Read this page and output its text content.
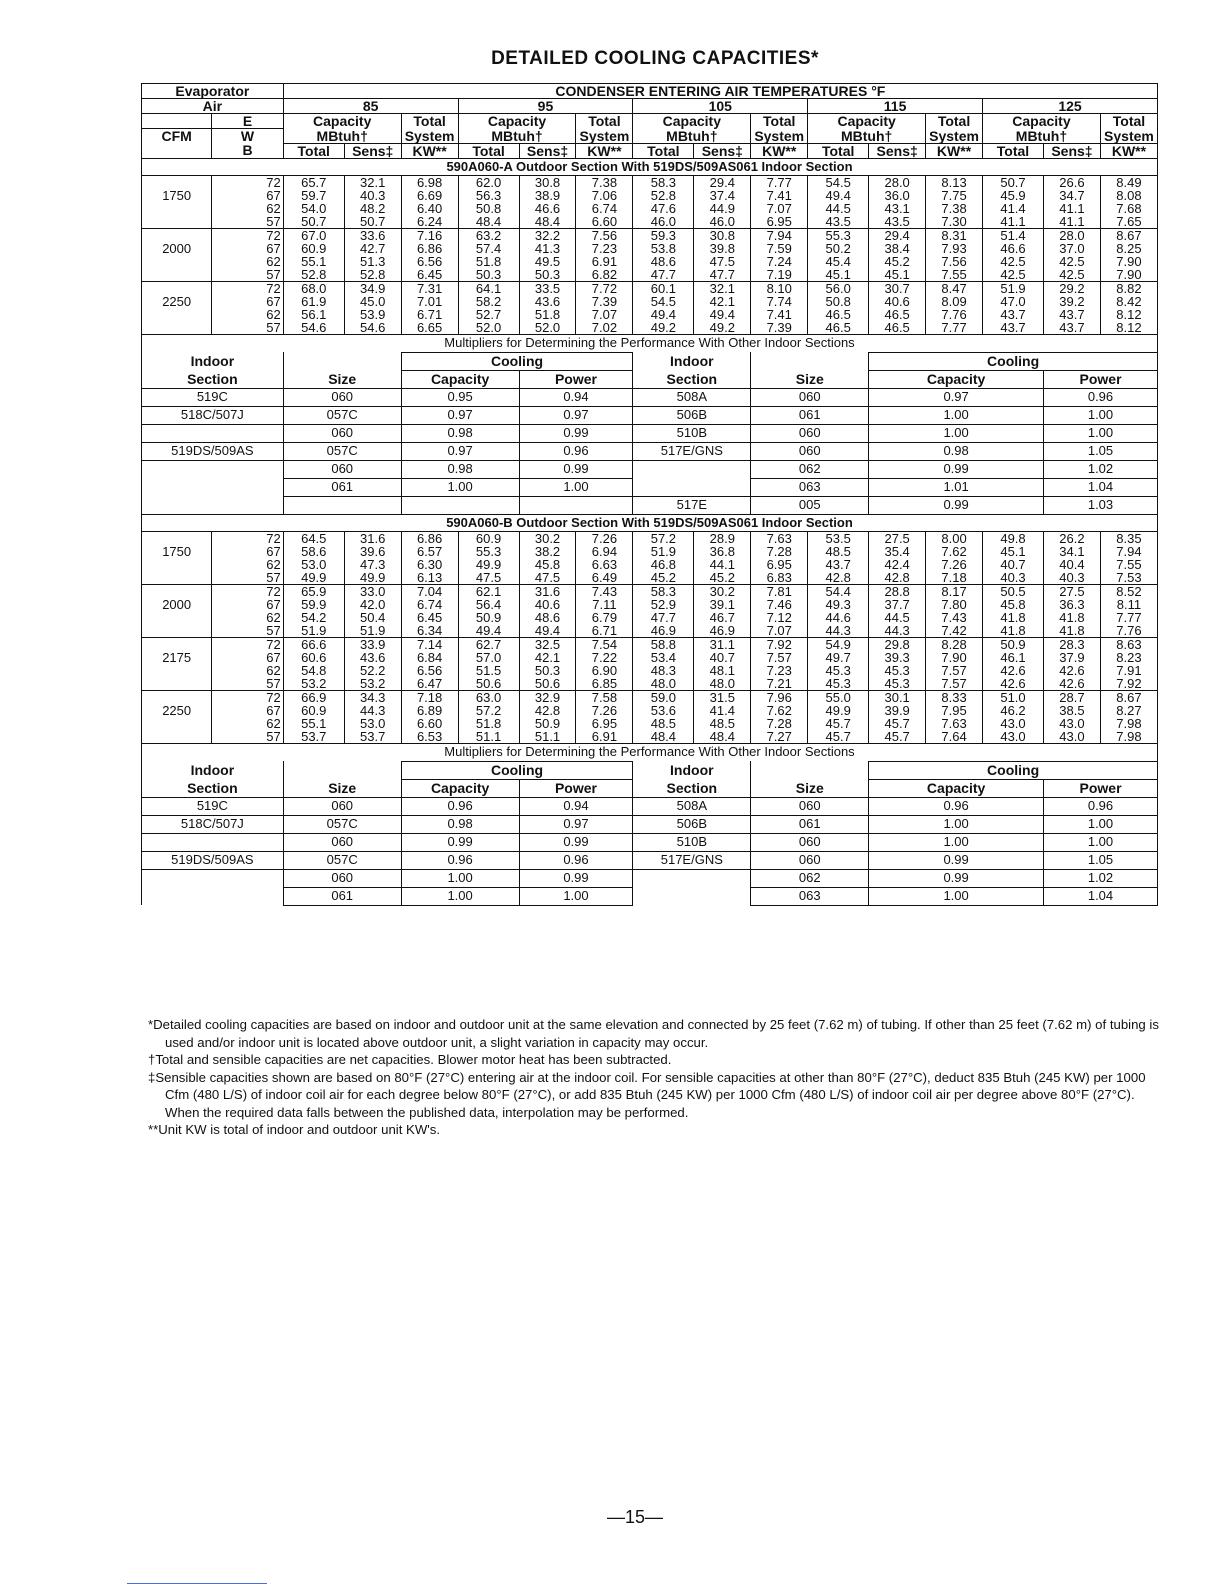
DETAILED COOLING CAPACITIES*
Evaporator		CONDENSER ENTERING AIR TEMPERATURES °F														
Air		85			95			105			115			125		
	E	Capacity		Total	Capacity		Total	Capacity		Total	Capacity		Total	Capacity		Total
CFM	W	MBtuh†		System	MBtuh†		System	MBtuh†		System	MBtuh†		System	MBtuh†		System
	B	Total	Sens‡	KW**	Total	Sens‡	KW**	Total	Sens‡	KW**	Total	Sens‡	KW**	Total	Sens‡	KW**
590A060-A Outdoor Section With 519DS/509AS061 Indoor Section																
	72	65.7	32.1	6.98	62.0	30.8	7.38	58.3	29.4	7.77	54.5	28.0	8.13	50.7	26.6	8.49
1750	67	59.7	40.3	6.69	56.3	38.9	7.06	52.8	37.4	7.41	49.4	36.0	7.75	45.9	34.7	8.08
	62	54.0	48.2	6.40	50.8	46.6	6.74	47.6	44.9	7.07	44.5	43.1	7.38	41.4	41.1	7.68
	57	50.7	50.7	6.24	48.4	48.4	6.60	46.0	46.0	6.95	43.5	43.5	7.30	41.1	41.1	7.65
	72	67.0	33.6	7.16	63.2	32.2	7.56	59.3	30.8	7.94	55.3	29.4	8.31	51.4	28.0	8.67
2000	67	60.9	42.7	6.86	57.4	41.3	7.23	53.8	39.8	7.59	50.2	38.4	7.93	46.6	37.0	8.25
	62	55.1	51.3	6.56	51.8	49.5	6.91	48.6	47.5	7.24	45.4	45.2	7.56	42.5	42.5	7.90
	57	52.8	52.8	6.45	50.3	50.3	6.82	47.7	47.7	7.19	45.1	45.1	7.55	42.5	42.5	7.90
	72	68.0	34.9	7.31	64.1	33.5	7.72	60.1	32.1	8.10	56.0	30.7	8.47	51.9	29.2	8.82
2250	67	61.9	45.0	7.01	58.2	43.6	7.39	54.5	42.1	7.74	50.8	40.6	8.09	47.0	39.2	8.42
	62	56.1	53.9	6.71	52.7	51.8	7.07	49.4	49.4	7.41	46.5	46.5	7.76	43.7	43.7	8.12
	57	54.6	54.6	6.65	52.0	52.0	7.02	49.2	49.2	7.39	46.5	46.5	7.77	43.7	43.7	8.12
Multipliers for Determining the Performance With Other Indoor Sections																
Indoor				Cooling				Indoor				Cooling				
Section		Size		Capacity		Power		Section		Size		Capacity			Power	
519C		060		0.95		0.94		508A		060		0.97			0.96	
518C/507J		057C		0.97		0.97		506B		061		1.00			1.00	
		060		0.98		0.99		510B		060		1.00			1.00	
519DS/509AS		057C		0.97		0.96		517E/GNS		060		0.98			1.05	
		060		0.98		0.99				062		0.99			1.02	
		061		1.00		1.00				063		1.01			1.04	
								517E		005		0.99			1.03	
590A060-B Outdoor Section With 519DS/509AS061 Indoor Section																
	72	64.5	31.6	6.86	60.9	30.2	7.26	57.2	28.9	7.63	53.5	27.5	8.00	49.8	26.2	8.35
1750	67	58.6	39.6	6.57	55.3	38.2	6.94	51.9	36.8	7.28	48.5	35.4	7.62	45.1	34.1	7.94
	62	53.0	47.3	6.30	49.9	45.8	6.63	46.8	44.1	6.95	43.7	42.4	7.26	40.7	40.4	7.55
	57	49.9	49.9	6.13	47.5	47.5	6.49	45.2	45.2	6.83	42.8	42.8	7.18	40.3	40.3	7.53
	72	65.9	33.0	7.04	62.1	31.6	7.43	58.3	30.2	7.81	54.4	28.8	8.17	50.5	27.5	8.52
2000	67	59.9	42.0	6.74	56.4	40.6	7.11	52.9	39.1	7.46	49.3	37.7	7.80	45.8	36.3	8.11
	62	54.2	50.4	6.45	50.9	48.6	6.79	47.7	46.7	7.12	44.6	44.5	7.43	41.8	41.8	7.77
	57	51.9	51.9	6.34	49.4	49.4	6.71	46.9	46.9	7.07	44.3	44.3	7.42	41.8	41.8	7.76
	72	66.6	33.9	7.14	62.7	32.5	7.54	58.8	31.1	7.92	54.9	29.8	8.28	50.9	28.3	8.63
2175	67	60.6	43.6	6.84	57.0	42.1	7.22	53.4	40.7	7.57	49.7	39.3	7.90	46.1	37.9	8.23
	62	54.8	52.2	6.56	51.5	50.3	6.90	48.3	48.1	7.23	45.3	45.3	7.57	42.6	42.6	7.91
	57	53.2	53.2	6.47	50.6	50.6	6.85	48.0	48.0	7.21	45.3	45.3	7.57	42.6	42.6	7.92
	72	66.9	34.3	7.18	63.0	32.9	7.58	59.0	31.5	7.96	55.0	30.1	8.33	51.0	28.7	8.67
2250	67	60.9	44.3	6.89	57.2	42.8	7.26	53.6	41.4	7.62	49.9	39.9	7.95	46.2	38.5	8.27
	62	55.1	53.0	6.60	51.8	50.9	6.95	48.5	48.5	7.28	45.7	45.7	7.63	43.0	43.0	7.98
	57	53.7	53.7	6.53	51.1	51.1	6.91	48.4	48.4	7.27	45.7	45.7	7.64	43.0	43.0	7.98
Multipliers for Determining the Performance With Other Indoor Sections																
Indoor				Cooling				Indoor				Cooling				
Section		Size		Capacity		Power		Section		Size		Capacity			Power	
519C		060		0.96		0.94		508A		060		0.96			0.96	
518C/507J		057C		0.98		0.97		506B		061		1.00			1.00	
		060		0.99		0.99		510B		060		1.00			1.00	
519DS/509AS		057C		0.96		0.96		517E/GNS		060		0.99			1.05	
		060		1.00		0.99				062		0.99			1.02	
		061		1.00		1.00				063		1.00			1.04	

*Detailed cooling capacities are based on indoor and outdoor unit at the same elevation and connected by 25 feet (7.62 m) of tubing. If other than 25 feet (7.62 m) of tubing is used and/or indoor unit is located above outdoor unit, a slight variation in capacity may occur.

†Total and sensible capacities are net capacities. Blower motor heat has been subtracted.

‡Sensible capacities shown are based on 80°F (27°C) entering air at the indoor coil. For sensible capacities at other than 80°F (27°C), deduct 835 Btuh (245 KW) per 1000 Cfm (480 L/S) of indoor coil air for each degree below 80°F (27°C), or add 835 Btuh (245 KW) per 1000 Cfm (480 L/S) of indoor coil air per degree above 80°F (27°C).

When the required data falls between the published data, interpolation may be performed.

**Unit KW is total of indoor and outdoor unit KW's.

—15—
